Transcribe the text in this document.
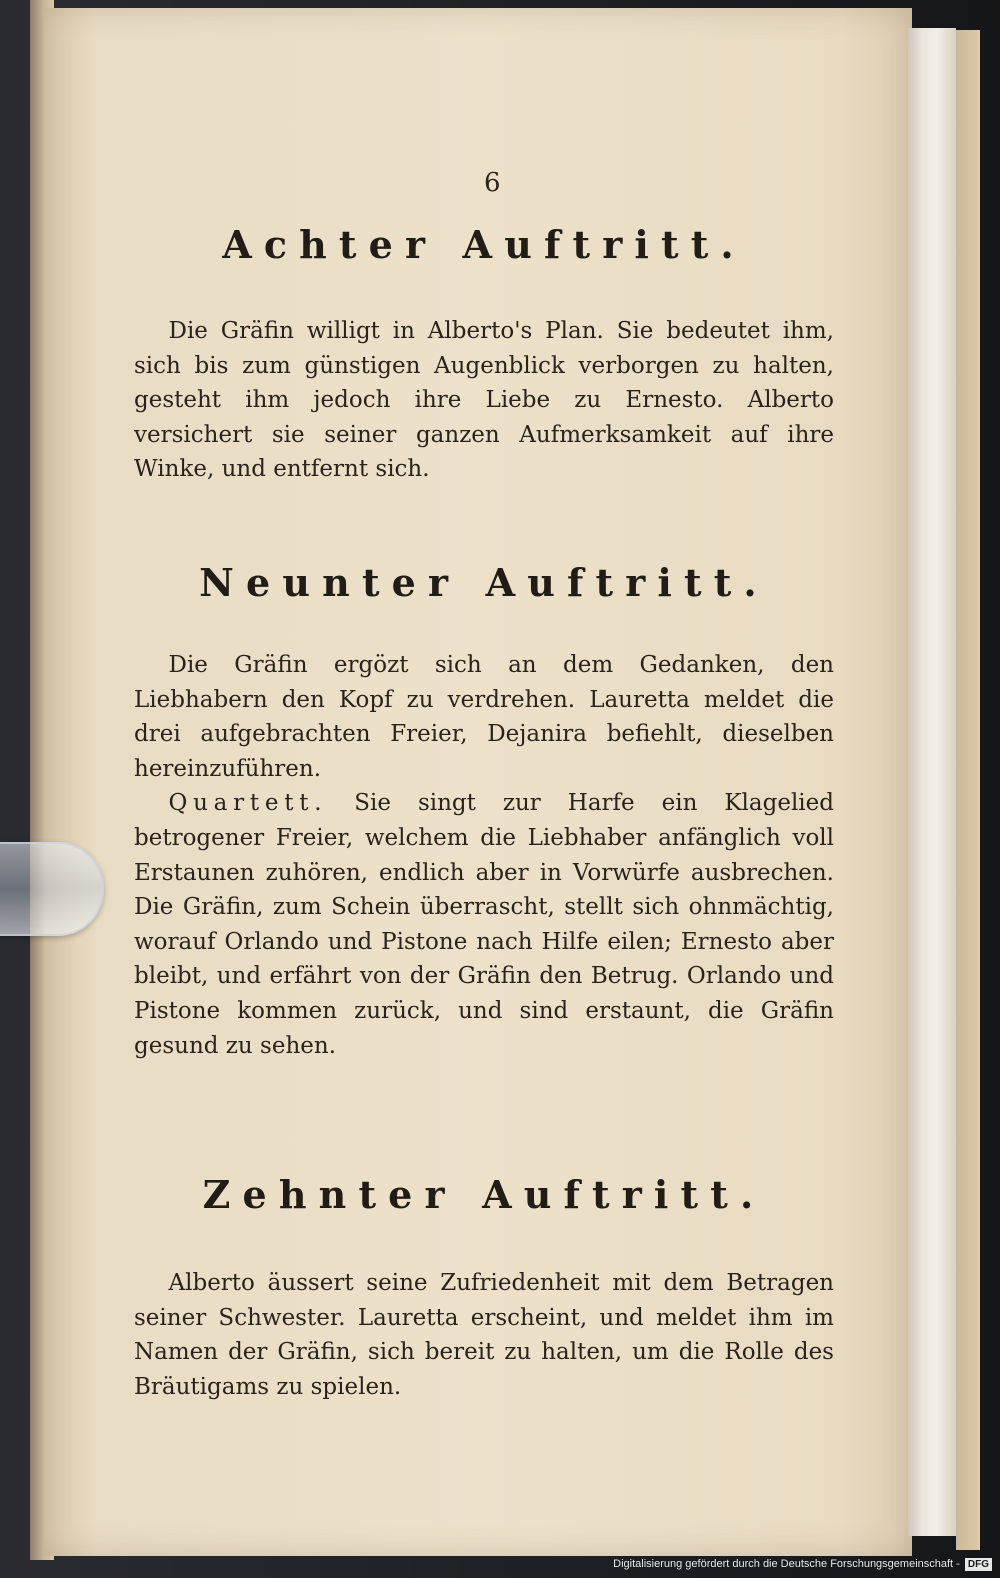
6
Achter Auftritt.

Die Gräfin willigt in Alberto's Plan. Sie bedeutet ihm, sich bis zum günstigen Augenblick verborgen zu halten, gesteht ihm jedoch ihre Liebe zu Ernesto. Alberto versichert sie seiner ganzen Aufmerksamkeit auf ihre Winke, und entfernt sich.

Neunter Auftritt.

Die Gräfin ergözt sich an dem Gedanken, den Liebhabern den Kopf zu verdrehen. Lauretta meldet die drei aufgebrachten Freier, Dejanira befiehlt, dieselben hereinzuführen.

Quartett. Sie singt zur Harfe ein Klagelied betrogener Freier, welchem die Liebhaber anfänglich voll Erstaunen zuhören, endlich aber in Vorwürfe ausbrechen. Die Gräfin, zum Schein überrascht, stellt sich ohnmächtig, worauf Orlando und Pistone nach Hilfe eilen; Ernesto aber bleibt, und erfährt von der Gräfin den Betrug. Orlando und Pistone kommen zurück, und sind erstaunt, die Gräfin gesund zu sehen.

Zehnter Auftritt.

Alberto äussert seine Zufriedenheit mit dem Betragen seiner Schwester. Lauretta erscheint, und meldet ihm im Namen der Gräfin, sich bereit zu halten, um die Rolle des Bräutigams zu spielen.

Digitalisierung gefördert durch die Deutsche Forschungsgemeinschaft - DFG
